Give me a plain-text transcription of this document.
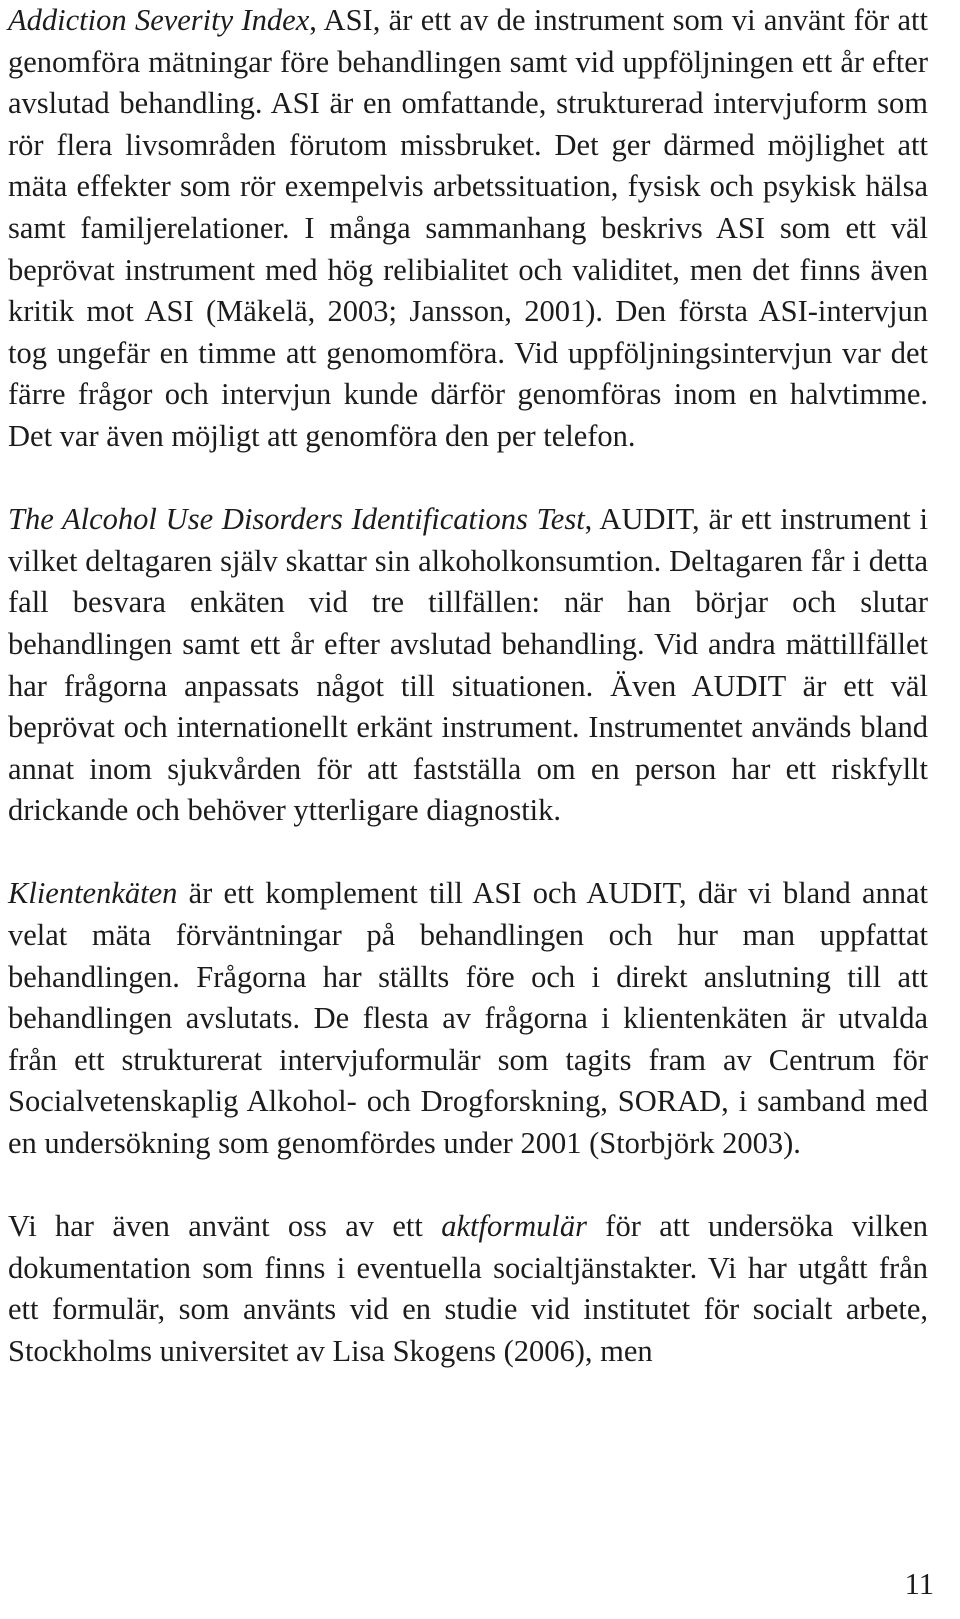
Addiction Severity Index, ASI, är ett av de instrument som vi använt för att genomföra mätningar före behandlingen samt vid uppföljningen ett år efter avslutad behandling. ASI är en omfattande, strukturerad intervjuform som rör flera livsområden förutom missbruket. Det ger därmed möjlighet att mäta effekter som rör exempelvis arbetssituation, fysisk och psykisk hälsa samt familjerelationer. I många sammanhang beskrivs ASI som ett väl beprövat instrument med hög relibialitet och validitet, men det finns även kritik mot ASI (Mäkelä, 2003; Jansson, 2001). Den första ASI-intervjun tog ungefär en timme att genomomföra. Vid uppföljningsintervjun var det färre frågor och intervjun kunde därför genomföras inom en halvtimme. Det var även möjligt att genomföra den per telefon.

The Alcohol Use Disorders Identifications Test, AUDIT, är ett instrument i vilket deltagaren själv skattar sin alkoholkonsumtion. Deltagaren får i detta fall besvara enkäten vid tre tillfällen: när han börjar och slutar behandlingen samt ett år efter avslutad behandling. Vid andra mättillfället har frågorna anpassats något till situationen. Även AUDIT är ett väl beprövat och internationellt erkänt instrument. Instrumentet används bland annat inom sjukvården för att fastställa om en person har ett riskfyllt drickande och behöver ytterligare diagnostik.

Klientenkäten är ett komplement till ASI och AUDIT, där vi bland annat velat mäta förväntningar på behandlingen och hur man uppfattat behandlingen. Frågorna har ställts före och i direkt anslutning till att behandlingen avslutats. De flesta av frågorna i klientenkäten är utvalda från ett strukturerat intervjuformulär som tagits fram av Centrum för Socialvetenskaplig Alkohol- och Drogforskning, SORAD, i samband med en undersökning som genomfördes under 2001 (Storbjörk 2003).

Vi har även använt oss av ett aktformulär för att undersöka vilken dokumentation som finns i eventuella socialtjänstakter. Vi har utgått från ett formulär, som använts vid en studie vid institutet för socialt arbete, Stockholms universitet av Lisa Skogens (2006), men

11
